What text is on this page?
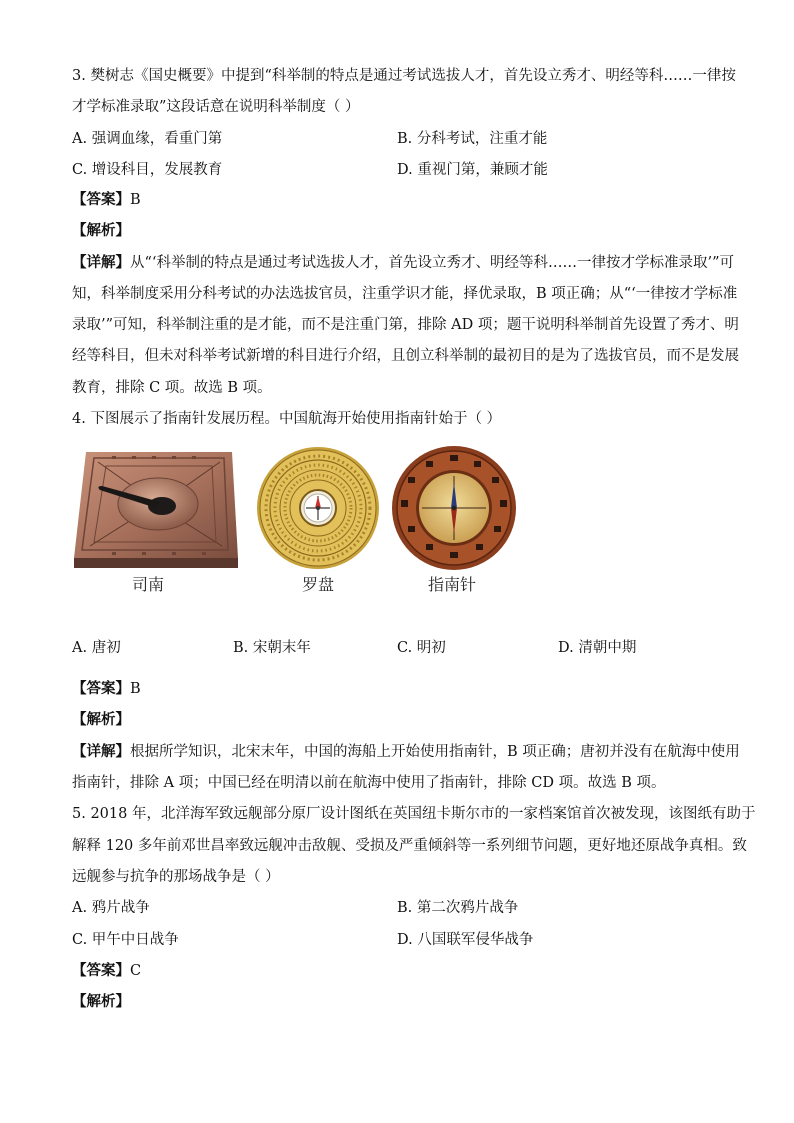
3. 樊树志《国史概要》中提到“科举制的特点是通过考试选拔人才，首先设立秀才、明经等科……一律按
才学标准录取”这段话意在说明科举制度（ ）
A. 强调血缘，看重门第	B. 分科考试，注重才能
C. 增设科目，发展教育	D. 重视门第，兼顾才能
【答案】B
【解析】
【详解】从“‘科举制的特点是通过考试选拔人才，首先设立秀才、明经等科……一律按才学标准录取’”可
知，科举制度采用分科考试的办法选拔官员，注重学识才能，择优录取，B 项正确；从“‘一律按才学标准
录取’”可知，科举制注重的是才能，而不是注重门第，排除 AD 项；题干说明科举制首先设置了秀才、明
经等科目，但未对科举考试新增的科目进行介绍，且创立科举制的最初目的是为了选拔官员，而不是发展
教育，排除 C 项。故选 B 项。
4. 下图展示了指南针发展历程。中国航海开始使用指南针始于（ ）
司南	罗盘	指南针
A. 唐初	B. 宋朝末年	C. 明初	D. 清朝中期
【答案】B
【解析】
【详解】根据所学知识，北宋末年，中国的海船上开始使用指南针，B 项正确；唐初并没有在航海中使用
指南针，排除 A 项；中国已经在明清以前在航海中使用了指南针，排除 CD 项。故选 B 项。
5. 2018 年，北洋海军致远舰部分原厂设计图纸在英国纽卡斯尔市的一家档案馆首次被发现，该图纸有助于
解释 120 多年前邓世昌率致远舰冲击敌舰、受损及严重倾斜等一系列细节问题，更好地还原战争真相。致
远舰参与抗争的那场战争是（ ）
A. 鸦片战争	B. 第二次鸦片战争
C. 甲午中日战争	D. 八国联军侵华战争
【答案】C
【解析】
